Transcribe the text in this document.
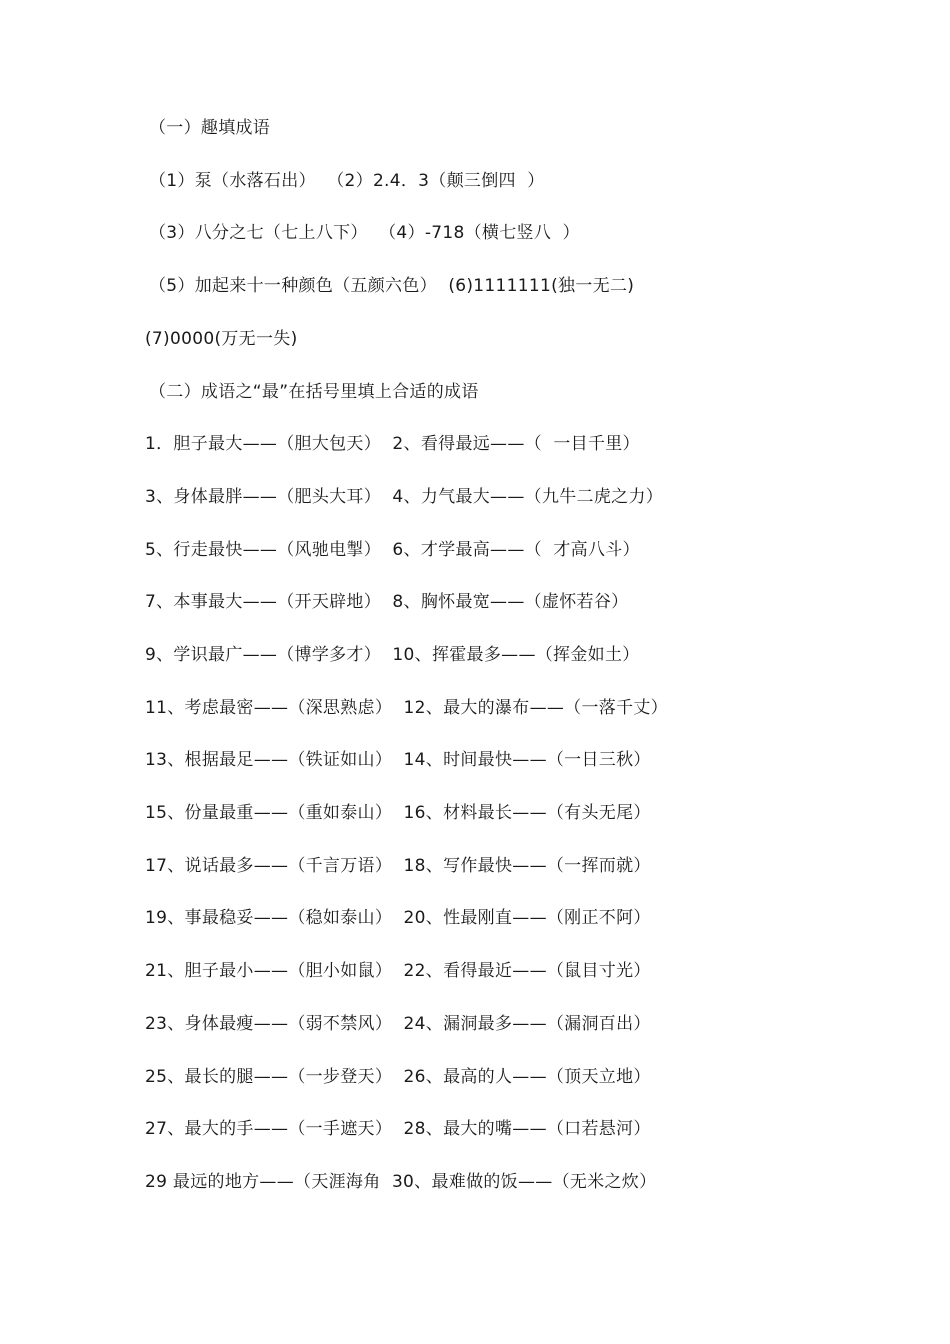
（一）趣填成语
（1）泵（水落石出）  （2）2.4．3（颠三倒四  ）
（3）八分之七（七上八下）  （4）-718（横七竖八  ）
（5）加起来十一种颜色（五颜六色）  (6)1111111(独一无二)
(7)0000(万无一失)
（二）成语之“最”在括号里填上合适的成语
1．胆子最大——（胆大包天）  2、看得最远——（  一目千里）
3、身体最胖——（肥头大耳）  4、力气最大——（九牛二虎之力）
5、行走最快——（风驰电掣）  6、才学最高——（  才高八斗）
7、本事最大——（开天辟地）  8、胸怀最宽——（虚怀若谷）
9、学识最广——（博学多才）  10、挥霍最多——（挥金如土）
11、考虑最密——（深思熟虑）  12、最大的瀑布——（一落千丈）
13、根据最足——（铁证如山）  14、时间最快——（一日三秋）
15、份量最重——（重如泰山）  16、材料最长——（有头无尾）
17、说话最多——（千言万语）  18、写作最快——（一挥而就）
19、事最稳妥——（稳如泰山）  20、性最刚直——（刚正不阿）
21、胆子最小——（胆小如鼠）  22、看得最近——（鼠目寸光）
23、身体最瘦——（弱不禁风）  24、漏洞最多——（漏洞百出）
25、最长的腿——（一步登天）  26、最高的人——（顶天立地）
27、最大的手——（一手遮天）  28、最大的嘴——（口若悬河）
29 最远的地方——（天涯海角  30、最难做的饭——（无米之炊）
